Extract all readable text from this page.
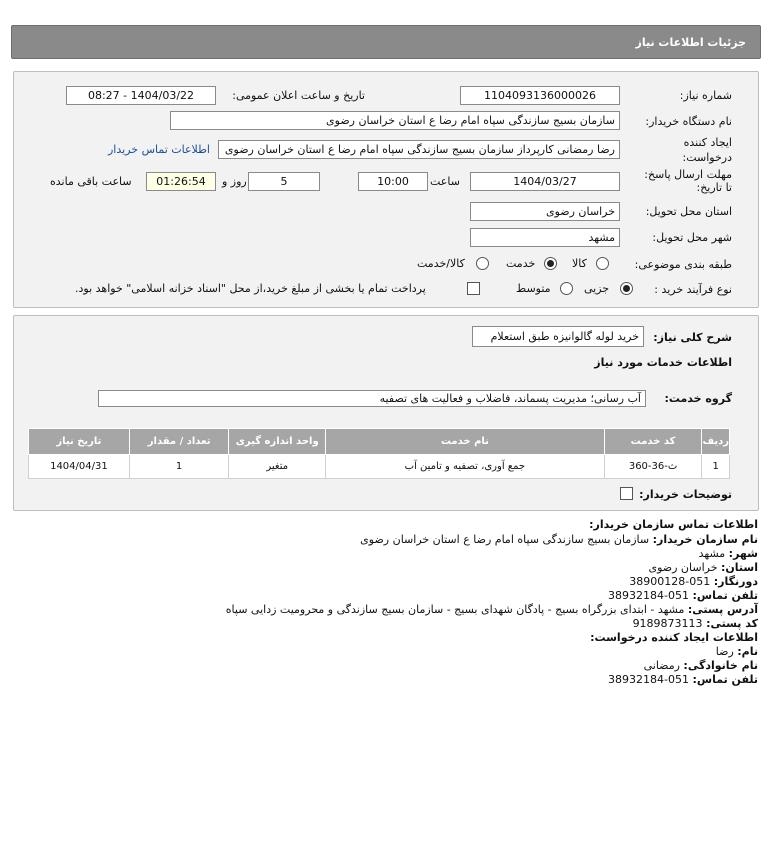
جزئیات اطلاعات نیاز
شماره نیاز:
1104093136000026
تاریخ و ساعت اعلان عمومی:
1404/03/22 - 08:27
نام دستگاه خریدار:
سازمان بسیج سازندگی سپاه امام رضا ع استان خراسان رضوی
ایجاد کننده
درخواست:
رضا رمضانی کارپرداز سازمان بسیج سازندگی سپاه امام رضا ع استان خراسان رضوی
اطلاعات تماس خریدار
مهلت ارسال پاسخ:
تا تاریخ:
1404/03/27
ساعت
10:00
5
روز و
01:26:54
ساعت باقی مانده
استان محل تحویل:
خراسان رضوی
شهر محل تحویل:
مشهد
طبقه بندی موضوعی:
کالا
خدمت
کالا/خدمت
نوع فرآیند خرید :
جزیی
متوسط
پرداخت تمام یا بخشی از مبلغ خرید،از محل "اسناد خزانه اسلامی" خواهد بود.
شرح کلی نیاز:
خرید لوله گالوانیزه طبق استعلام
اطلاعات خدمات مورد نیاز
گروه خدمت:
آب رسانی؛ مدیریت پسماند، فاضلاب و فعالیت های تصفیه
ردیف	کد خدمت	نام خدمت	واحد اندازه گیری	تعداد / مقدار	تاریخ نیاز
1	ث-36-360	جمع آوری، تصفیه و تامین آب	متغیر	1	1404/04/31
توضیحات خریدار:
اطلاعات تماس سازمان خریدار:
نام سازمان خریدار: سازمان بسیج سازندگی سپاه امام رضا ع استان خراسان رضوی
شهر: مشهد
استان: خراسان رضوی
دورنگار: 051-38900128
تلفن تماس: 051-38932184
آدرس پستی: مشهد - ابتدای بزرگراه بسیج - پادگان شهدای بسیج - سازمان بسیج سازندگی و محرومیت زدایی سپاه
کد پستی: 9189873113
اطلاعات ایجاد کننده درخواست:
نام: رضا
نام خانوادگی: رمضانی
تلفن تماس: 051-38932184
